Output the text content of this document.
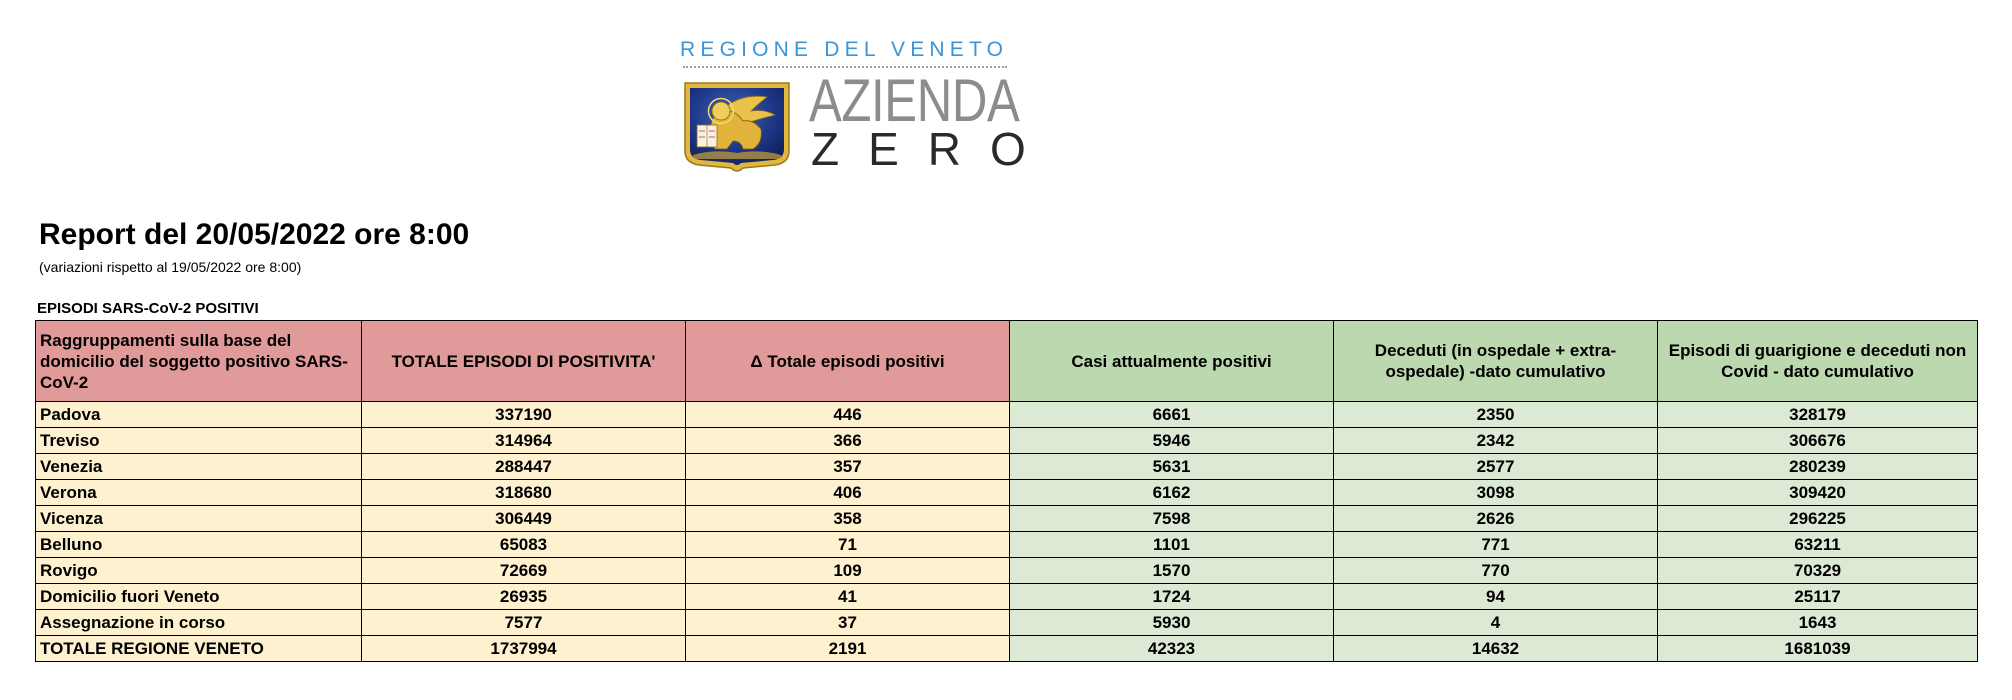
REGIONE DEL VENETO
AZIENDA
ZERO
Report del 20/05/2022 ore 8:00
(variazioni rispetto al 19/05/2022 ore 8:00)
EPISODI SARS-CoV-2 POSITIVI
Raggruppamenti sulla base del domicilio del soggetto positivo SARS-CoV-2	TOTALE EPISODI DI POSITIVITA'	Δ Totale episodi positivi	Casi attualmente positivi	Deceduti (in ospedale + extra-ospedale) -dato cumulativo	Episodi di guarigione e deceduti non Covid - dato cumulativo
Padova	337190	446	6661	2350	328179
Treviso	314964	366	5946	2342	306676
Venezia	288447	357	5631	2577	280239
Verona	318680	406	6162	3098	309420
Vicenza	306449	358	7598	2626	296225
Belluno	65083	71	1101	771	63211
Rovigo	72669	109	1570	770	70329
Domicilio fuori Veneto	26935	41	1724	94	25117
Assegnazione in corso	7577	37	5930	4	1643
TOTALE REGIONE VENETO	1737994	2191	42323	14632	1681039
